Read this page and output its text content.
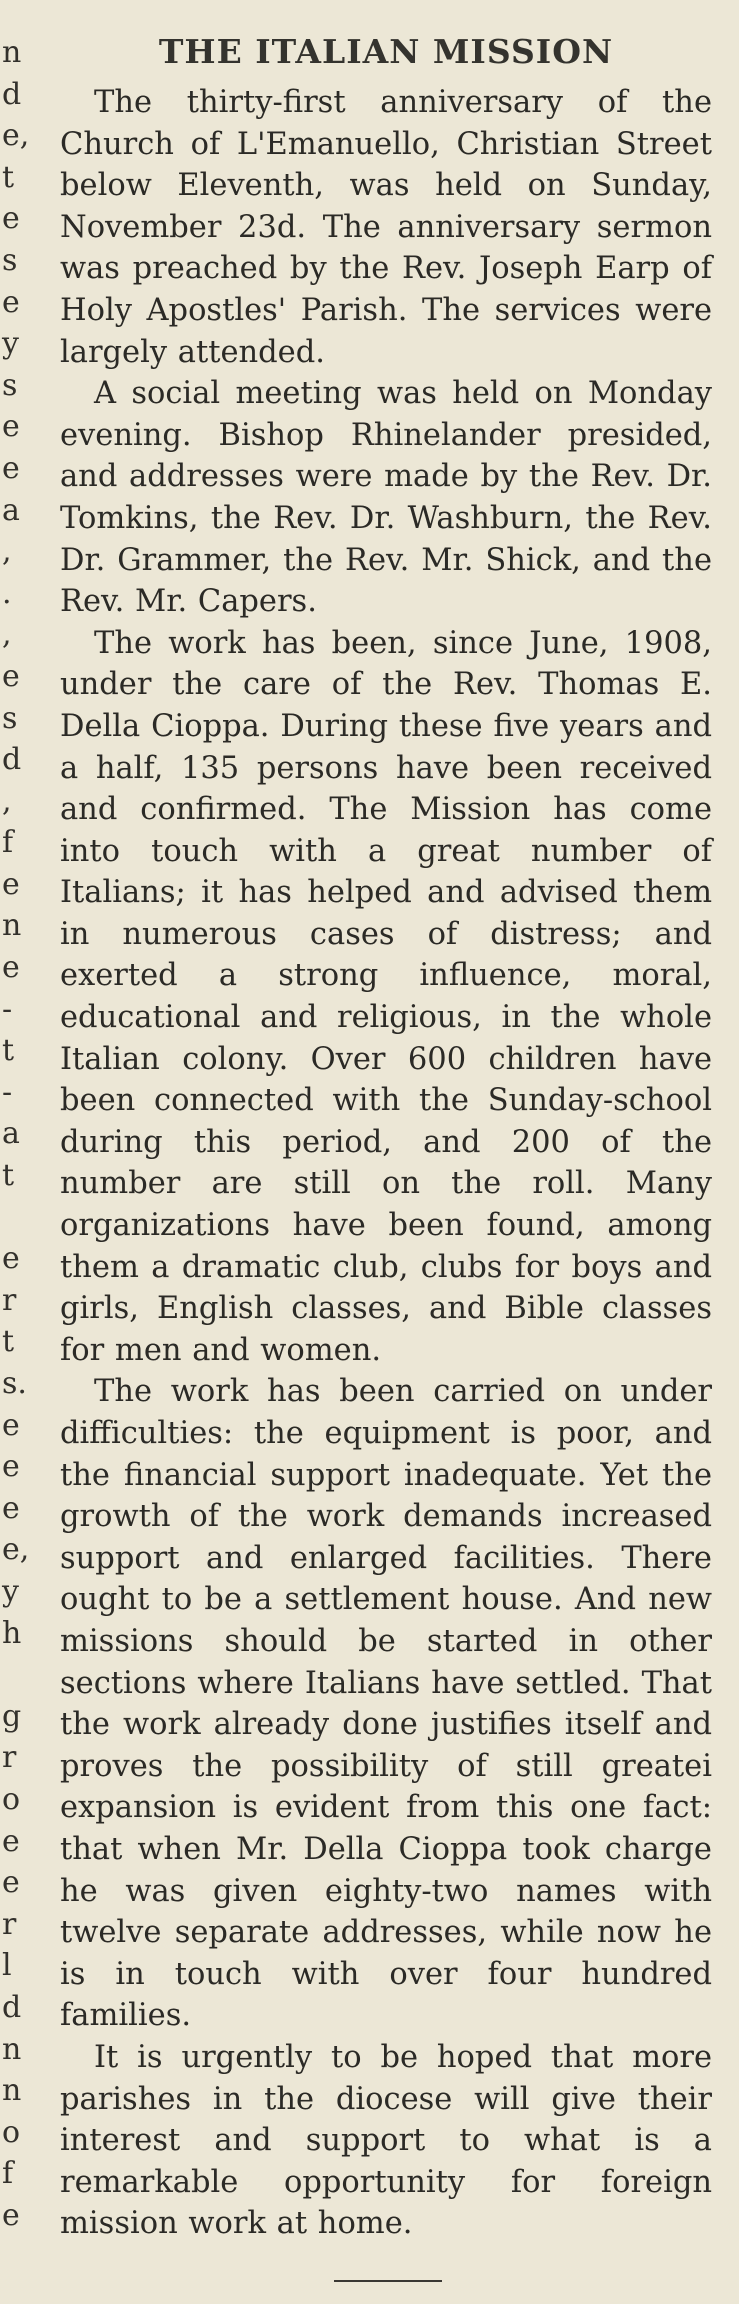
n
d
e,
t
e
s
e
y
s
e
e
a
,
.
,
e
s
d
,
f
e
n
e
-
t
-
a
t
e
r
t
s.
e
e
e
e,
y
h
g
r
o
e
e
r
l
d
n
n
o
f
e
THE ITALIAN MISSION

The thirty-first anniversary of the Church of L'Emanuello, Christian Street below Eleventh, was held on Sunday, November 23d. The anniversary sermon was preached by the Rev. Joseph Earp of Holy Apostles' Parish. The services were largely attended.

A social meeting was held on Monday evening. Bishop Rhinelander presided, and addresses were made by the Rev. Dr. Tomkins, the Rev. Dr. Washburn, the Rev. Dr. Grammer, the Rev. Mr. Shick, and the Rev. Mr. Capers.

The work has been, since June, 1908, under the care of the Rev. Thomas E. Della Cioppa. During these five years and a half, 135 persons have been received and confirmed. The Mission has come into touch with a great number of Italians; it has helped and advised them in numerous cases of distress; and exerted a strong influence, moral, educational and religious, in the whole Italian colony. Over 600 children have been connected with the Sunday-school during this period, and 200 of the number are still on the roll. Many organizations have been found, among them a dramatic club, clubs for boys and girls, English classes, and Bible classes for men and women.

The work has been carried on under difficulties: the equipment is poor, and the financial support inadequate. Yet the growth of the work demands increased support and enlarged facilities. There ought to be a settlement house. And new missions should be started in other sections where Italians have settled. That the work already done justifies itself and proves the possibility of still greatei expansion is evident from this one fact: that when Mr. Della Cioppa took charge he was given eighty-two names with twelve separate addresses, while now he is in touch with over four hundred families.

It is urgently to be hoped that more parishes in the diocese will give their interest and support to what is a remarkable opportunity for foreign mission work at home.
